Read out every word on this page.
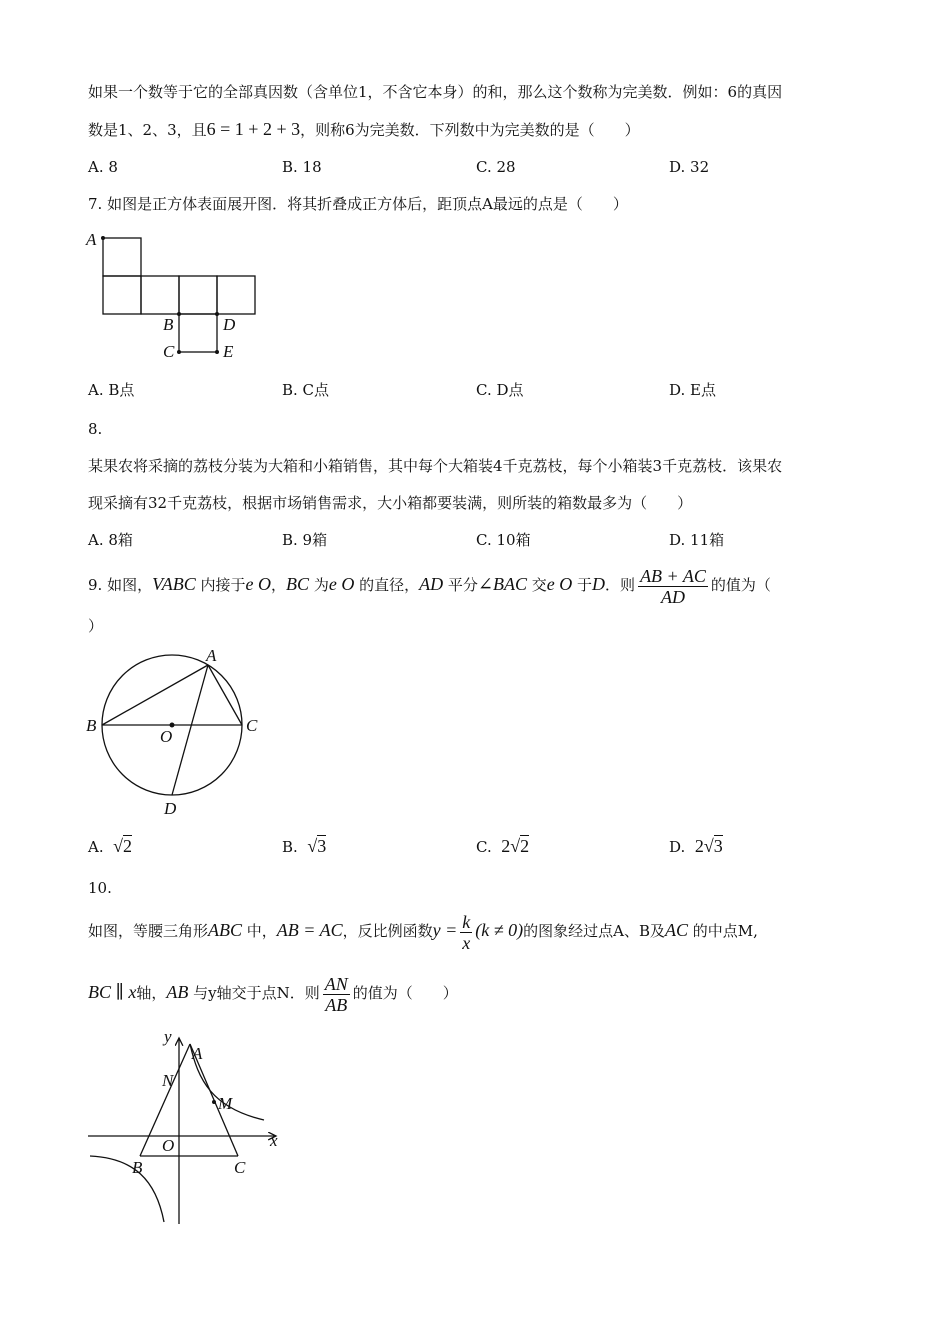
如果一个数等于它的全部真因数（含单位1，不含它本身）的和，那么这个数称为完美数．例如：6的真因
数是1、2、3，且6 = 1 + 2 + 3，则称6为完美数．下列数中为完美数的是（　　）
A. 8	B. 18	C. 28	D. 32
7. 如图是正方体表面展开图．将其折叠成正方体后，距顶点A最远的点是（　　）
A
B	D
C	E
A. B点	B. C点	C. D点	D. E点
8.
某果农将采摘的荔枝分装为大箱和小箱销售，其中每个大箱装4千克荔枝，每个小箱装3千克荔枝．该果农
现采摘有32千克荔枝，根据市场销售需求，大小箱都要装满，则所装的箱数最多为（　　）
A. 8箱	B. 9箱	C. 10箱	D. 11箱
9. 如图，VABC 内接于e O，BC 为e O 的直径，AD 平分∠BAC 交e O 于D．则 $\frac{AB + AC}{AD}$ 的值为（
）
A
B	C
O
D
A. √2	B. √3	C. 2√2	D. 2√3
10.
如图，等腰三角形ABC 中，AB = AC，反比例函数$y = \frac{k}{x} (k \ne 0)$的图象经过点A、B及AC 的中点M,
BC ∥ x轴，AB 与y轴交于点N．则 $\frac{AN}{AB}$ 的值为（　　）
y
A
N
M
O	x
B	C
